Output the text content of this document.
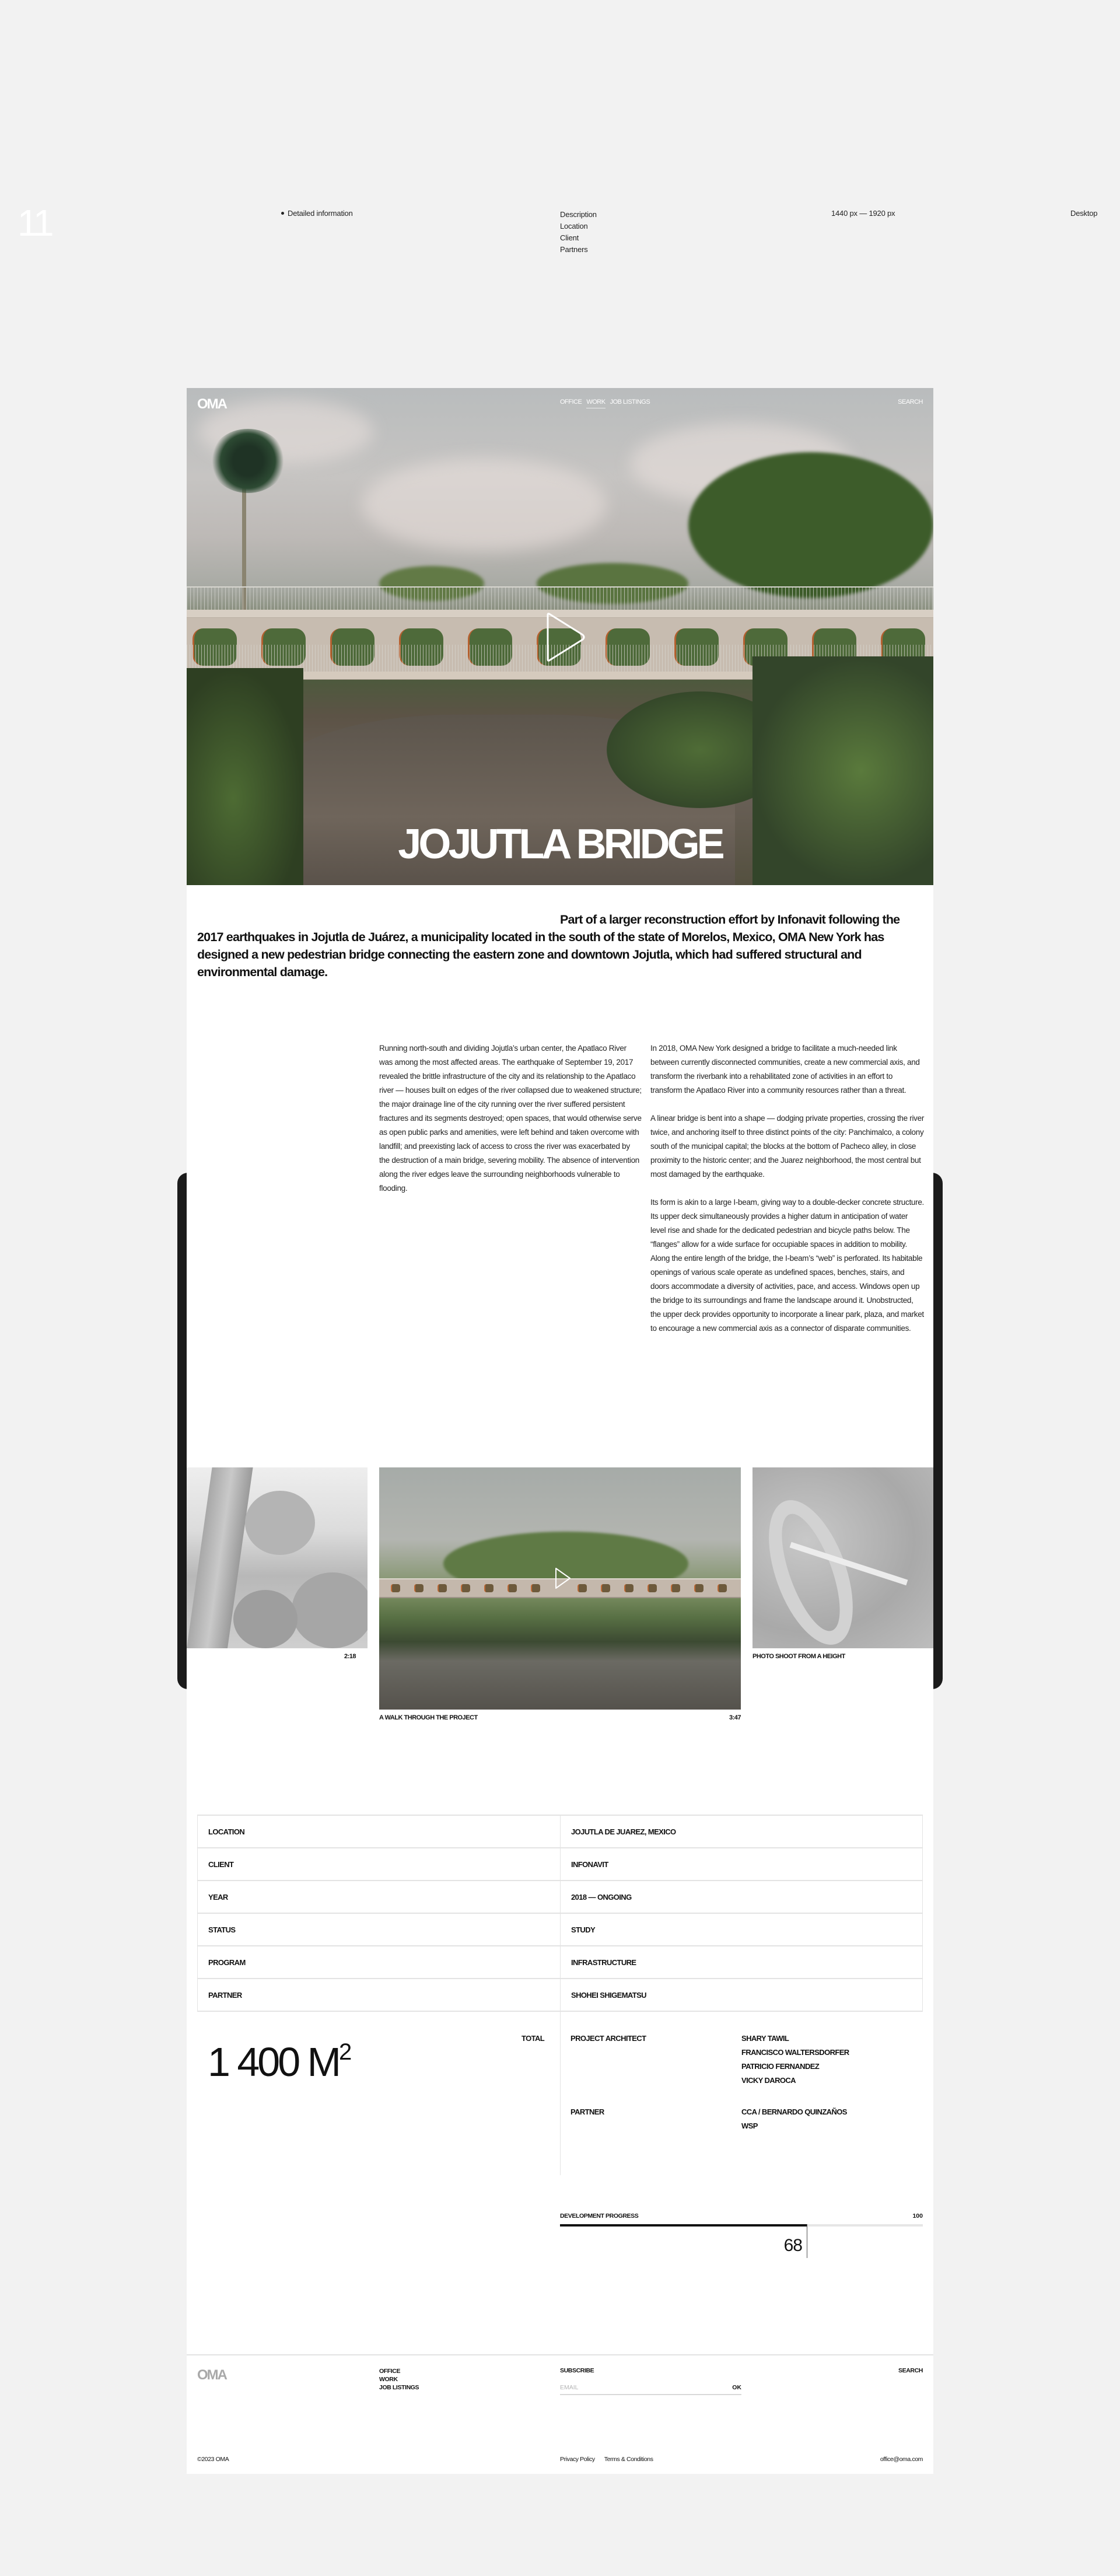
11	Detailed information	Description
Location
Client
Partners
1440 px — 1920 px	Desktop
OMA	OFFICE WORK JOB LISTINGS	SEARCH
JOJUTLA BRIDGE

Part of a larger reconstruction effort by Infonavit following the 2017 earthquakes in Jojutla de Juárez, a municipality located in the south of the state of Morelos, Mexico, OMA New York has designed a new pedestrian bridge connecting the eastern zone and downtown Jojutla, which had suffered structural and environmental damage.

Running north-south and dividing Jojutla’s urban center, the Apatlaco River was among the most affected areas. The earthquake of September 19, 2017 revealed the brittle infrastructure of the city and its relationship to the Apatlaco river — houses built on edges of the river collapsed due to weakened structure; the major drainage line of the city running over the river suffered persistent fractures and its segments destroyed; open spaces, that would otherwise serve as open public parks and amenities, were left behind and taken overcome with landfill; and preexisting lack of access to cross the river was exacerbated by the destruction of a main bridge, severing mobility. The absence of intervention along the river edges leave the surrounding neighborhoods vulnerable to flooding.

In 2018, OMA New York designed a bridge to facilitate a much-needed link between currently disconnected communities, create a new commercial axis, and transform the riverbank into a rehabilitated zone of activities in an effort to transform the Apatlaco River into a community resources rather than a threat.

A linear bridge is bent into a shape — dodging private properties, crossing the river twice, and anchoring itself to three distinct points of the city: Panchimalco, a colony south of the municipal capital; the blocks at the bottom of Pacheco alley, in close proximity to the historic center; and the Juarez neighborhood, the most central but most damaged by the earthquake.

Its form is akin to a large I-beam, giving way to a double-decker concrete structure. Its upper deck simultaneously provides a higher datum in anticipation of water level rise and shade for the dedicated pedestrian and bicycle paths below. The “flanges” allow for a wide surface for occupiable spaces in addition to mobility. Along the entire length of the bridge, the I-beam’s “web” is perforated. Its habitable openings of various scale operate as undefined spaces, benches, stairs, and doors accommodate a diversity of activities, pace, and access. Windows open up the bridge to its surroundings and frame the landscape around it. Unobstructed, the upper deck provides opportunity to incorporate a linear park, plaza, and market to encourage a new commercial axis as a connector of disparate communities.

2:18
A WALK THROUGH THE PROJECT	3:47
PHOTO SHOOT FROM A HEIGHT
LOCATION	JOJUTLA DE JUAREZ, MEXICO
CLIENT	INFONAVIT
YEAR	2018 — ONGOING
STATUS	STUDY
PROGRAM	INFRASTRUCTURE
PARTNER	SHOHEI SHIGEMATSU
1 400 $M^2$
TOTAL	PROJECT ARCHITECT	SHARY TAWIL
FRANCISCO WALTERSDORFER
PATRICIO FERNANDEZ
VICKY DAROCA
PARTNER	CCA / BERNARDO QUINZAÑOS
WSP
DEVELOPMENT PROGRESS	100
68
OMA	OFFICE
WORK
JOB LISTINGS
SUBSCRIBE
EMAIL
OK
SEARCH
©2023 OMA	Privacy Policy Terms & Conditions	office@oma.com
